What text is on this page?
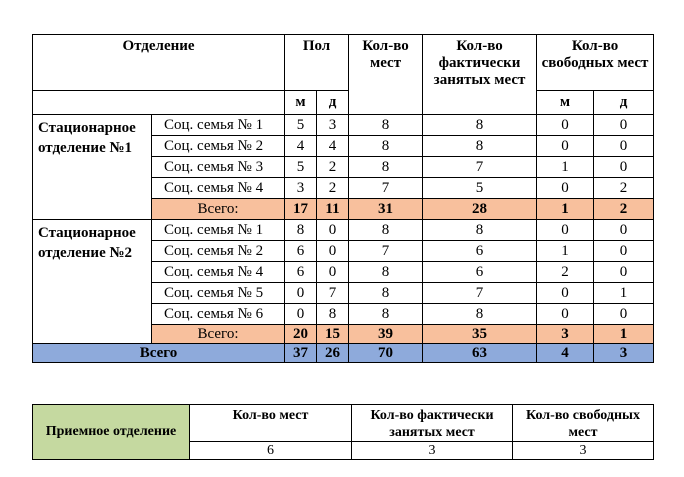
Отделение		Пол		Кол-во мест	Кол-во фактически занятых мест	Кол-во свободных мест	
		м	д			м	д
Стационарное отделение №1	Соц. семья № 1	5	3	8	8	0	0
	Соц. семья № 2	4	4	8	8	0	0
	Соц. семья № 3	5	2	8	7	1	0
	Соц. семья № 4	3	2	7	5	0	2
	Всего:	17	11	31	28	1	2
Стационарное отделение №2	Соц. семья № 1	8	0	8	8	0	0
	Соц. семья № 2	6	0	7	6	1	0
	Соц. семья № 4	6	0	8	6	2	0
	Соц. семья № 5	0	7	8	7	0	1
	Соц. семья № 6	0	8	8	8	0	0
	Всего:	20	15	39	35	3	1
Всего		37	26	70	63	4	3
Приемное отделение	Кол-во мест	Кол-во фактически занятых мест	Кол-во свободных мест
	6	3	3
